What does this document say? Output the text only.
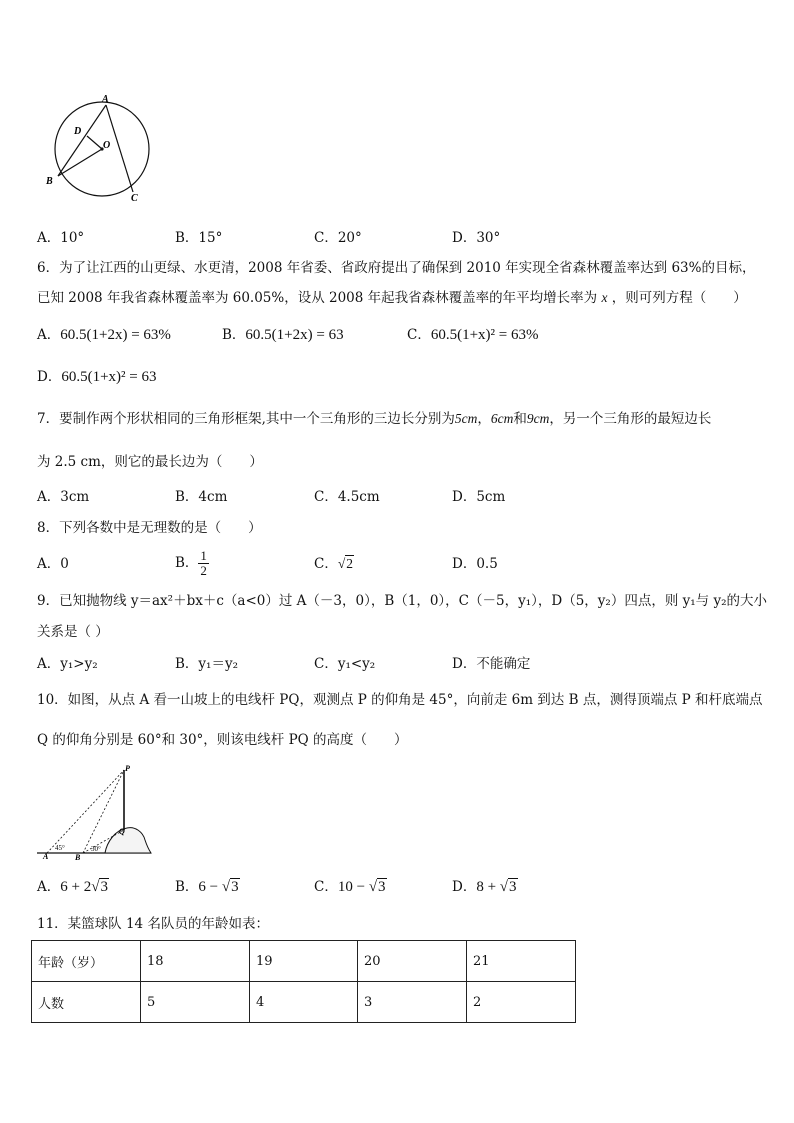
A
D
O
B
C
A．10°	B．15°	C．20°	D．30°
6．为了让江西的山更绿、水更清，2008 年省委、省政府提出了确保到 2010 年实现全省森林覆盖率达到 63%的目标，
已知 2008 年我省森林覆盖率为 60.05%，设从 2008 年起我省森林覆盖率的年平均增长率为 x ，则可列方程（　　）
A．60.5(1+2x) = 63%	B．60.5(1+2x) = 63	C．60.5(1+x)² = 63%
D．60.5(1+x)² = 63
7．要制作两个形状相同的三角形框架,其中一个三角形的三边长分别为5cm，6cm和9cm，另一个三角形的最短边长
为 2.5 cm，则它的最长边为（　　）
A．3cm	B．4cm	C．4.5cm	D．5cm
8．下列各数中是无理数的是（　　）
A．0	B． $\frac{1}{2}$	C．√2	D．0.5
9．已知抛物线 y＝ax²＋bx＋c（a<0）过 A（－3，0），B（1，0），C（－5，y₁），D（5，y₂）四点，则 y₁与 y₂的大小
关系是（ ）
A．y₁>y₂	B．y₁＝y₂	C．y₁<y₂	D．不能确定
10．如图，从点 A 看一山坡上的电线杆 PQ，观测点 P 的仰角是 45°，向前走 6m 到达 B 点，测得顶端点 P 和杆底端点
Q 的仰角分别是 60°和 30°，则该电线杆 PQ 的高度（　　）
P
Q
A	B
45°	30°
A．6 + 2√3	B．6 − √3	C．10 − √3	D．8 + √3
11．某篮球队 14 名队员的年龄如表：
年龄（岁）	18	19	20	21
人数	5	4	3	2
